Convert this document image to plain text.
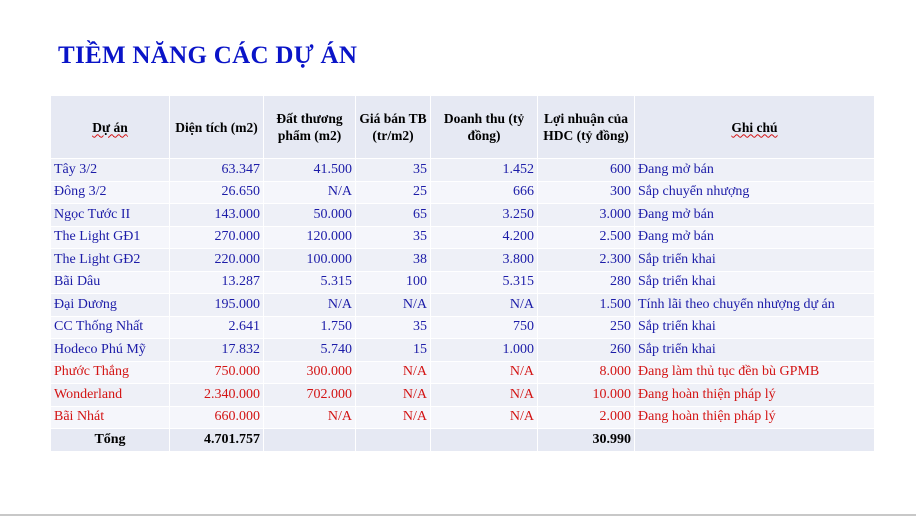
TIỀM NĂNG CÁC DỰ ÁN
Dự án	Diện tích (m2)	Đất thương phẩm (m2)	Giá bán TB (tr/m2)	Doanh thu (tỷ đồng)	Lợi nhuận của HDC (tỷ đồng)	Ghi chú
Tây 3/2	63.347	41.500	35	1.452	600	Đang mở bán
Đông 3/2	26.650	N/A	25	666	300	Sắp chuyển nhượng
Ngọc Tước II	143.000	50.000	65	3.250	3.000	Đang mở bán
The Light GĐ1	270.000	120.000	35	4.200	2.500	Đang mở bán
The Light GĐ2	220.000	100.000	38	3.800	2.300	Sắp triển khai
Bãi Dâu	13.287	5.315	100	5.315	280	Sắp triển khai
Đại Dương	195.000	N/A	N/A	N/A	1.500	Tính lãi theo chuyển nhượng dự án
CC Thống Nhất	2.641	1.750	35	750	250	Sắp triển khai
Hodeco Phú Mỹ	17.832	5.740	15	1.000	260	Sắp triển khai
Phước Thắng	750.000	300.000	N/A	N/A	8.000	Đang làm thủ tục đền bù GPMB
Wonderland	2.340.000	702.000	N/A	N/A	10.000	Đang hoàn thiện pháp lý
Bãi Nhát	660.000	N/A	N/A	N/A	2.000	Đang hoàn thiện pháp lý
Tổng	4.701.757				30.990	
